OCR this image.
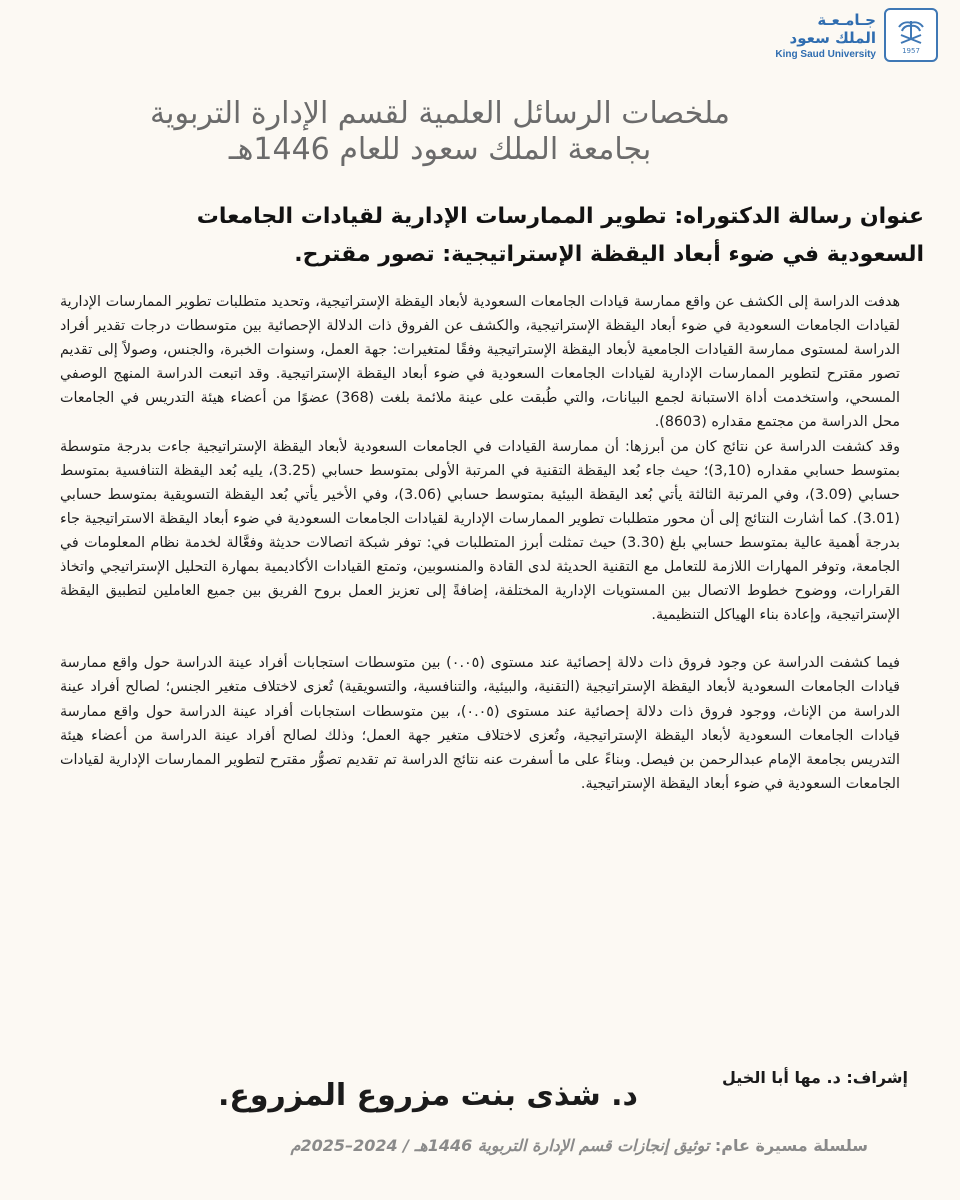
1957
جـامـعـة
الملك سعود
King Saud University
ملخصات الرسائل العلمية لقسم الإدارة التربوية
بجامعة الملك سعود للعام 1446هـ
عنوان رسالة الدكتوراه: تطوير الممارسات الإدارية لقيادات الجامعات
السعودية في ضوء أبعاد اليقظة الإستراتيجية: تصور مقترح.

هدفت الدراسة إلى الكشف عن واقع ممارسة قيادات الجامعات السعودية لأبعاد اليقظة الإستراتيجية، وتحديد متطلبات تطوير الممارسات الإدارية لقيادات الجامعات السعودية في ضوء أبعاد اليقظة الإستراتيجية، والكشف عن الفروق ذات الدلالة الإحصائية بين متوسطات درجات تقدير أفراد الدراسة لمستوى ممارسة القيادات الجامعية لأبعاد اليقظة الإستراتيجية وفقًا لمتغيرات: جهة العمل، وسنوات الخبرة، والجنس، وصولاً إلى تقديم تصور مقترح لتطوير الممارسات الإدارية لقيادات الجامعات السعودية في ضوء أبعاد اليقظة الإستراتيجية. وقد اتبعت الدراسة المنهج الوصفي المسحي، واستخدمت أداة الاستبانة لجمع البيانات، والتي طُبقت على عينة ملائمة بلغت (368) عضوًا من أعضاء هيئة التدريس في الجامعات محل الدراسة من مجتمع مقداره (8603).

وقد كشفت الدراسة عن نتائج كان من أبرزها: أن ممارسة القيادات في الجامعات السعودية لأبعاد اليقظة الإستراتيجية جاءت بدرجة متوسطة بمتوسط حسابي مقداره (3,10)؛ حيث جاء بُعد اليقظة التقنية في المرتبة الأولى بمتوسط حسابي (3.25)، يليه بُعد اليقظة التنافسية بمتوسط حسابي (3.09)، وفي المرتبة الثالثة يأتي بُعد اليقظة البيئية بمتوسط حسابي (3.06)، وفي الأخير يأتي بُعد اليقظة التسويقية بمتوسط حسابي (3.01). كما أشارت النتائج إلى أن محور متطلبات تطوير الممارسات الإدارية لقيادات الجامعات السعودية في ضوء أبعاد اليقظة الاستراتيجية جاء بدرجة أهمية عالية بمتوسط حسابي بلغ (3.30) حيث تمثلت أبرز المتطلبات في: توفر شبكة اتصالات حديثة وفعَّالة لخدمة نظام المعلومات في الجامعة، وتوفر المهارات اللازمة للتعامل مع التقنية الحديثة لدى القادة والمنسوبين، وتمتع القيادات الأكاديمية بمهارة التحليل الإستراتيجي واتخاذ القرارات، ووضوح خطوط الاتصال بين المستويات الإدارية المختلفة، إضافةً إلى تعزيز العمل بروح الفريق بين جميع العاملين لتطبيق اليقظة الإستراتيجية، وإعادة بناء الهياكل التنظيمية.

فيما كشفت الدراسة عن وجود فروق ذات دلالة إحصائية عند مستوى (٠.٠٥) بين متوسطات استجابات أفراد عينة الدراسة حول واقع ممارسة قيادات الجامعات السعودية لأبعاد اليقظة الإستراتيجية (التقنية، والبيئية، والتنافسية، والتسويقية) تُعزى لاختلاف متغير الجنس؛ لصالح أفراد عينة الدراسة من الإناث، ووجود فروق ذات دلالة إحصائية عند مستوى (٠.٠٥)، بين متوسطات استجابات أفراد عينة الدراسة حول واقع ممارسة قيادات الجامعات السعودية لأبعاد اليقظة الإستراتيجية، وتُعزى لاختلاف متغير جهة العمل؛ وذلك لصالح أفراد عينة الدراسة من أعضاء هيئة التدريس بجامعة الإمام عبدالرحمن بن فيصل. وبناءً على ما أسفرت عنه نتائج الدراسة تم تقديم تصوُّر مقترح لتطوير الممارسات الإدارية لقيادات الجامعات السعودية في ضوء أبعاد اليقظة الإستراتيجية.

إشراف: د. مها أبا الخيل
د. شذى بنت مزروع المزروع.
سلسلة مسيرة عام: توثيق إنجازات قسم الإدارة التربوية 1446هـ / 2024–2025م
